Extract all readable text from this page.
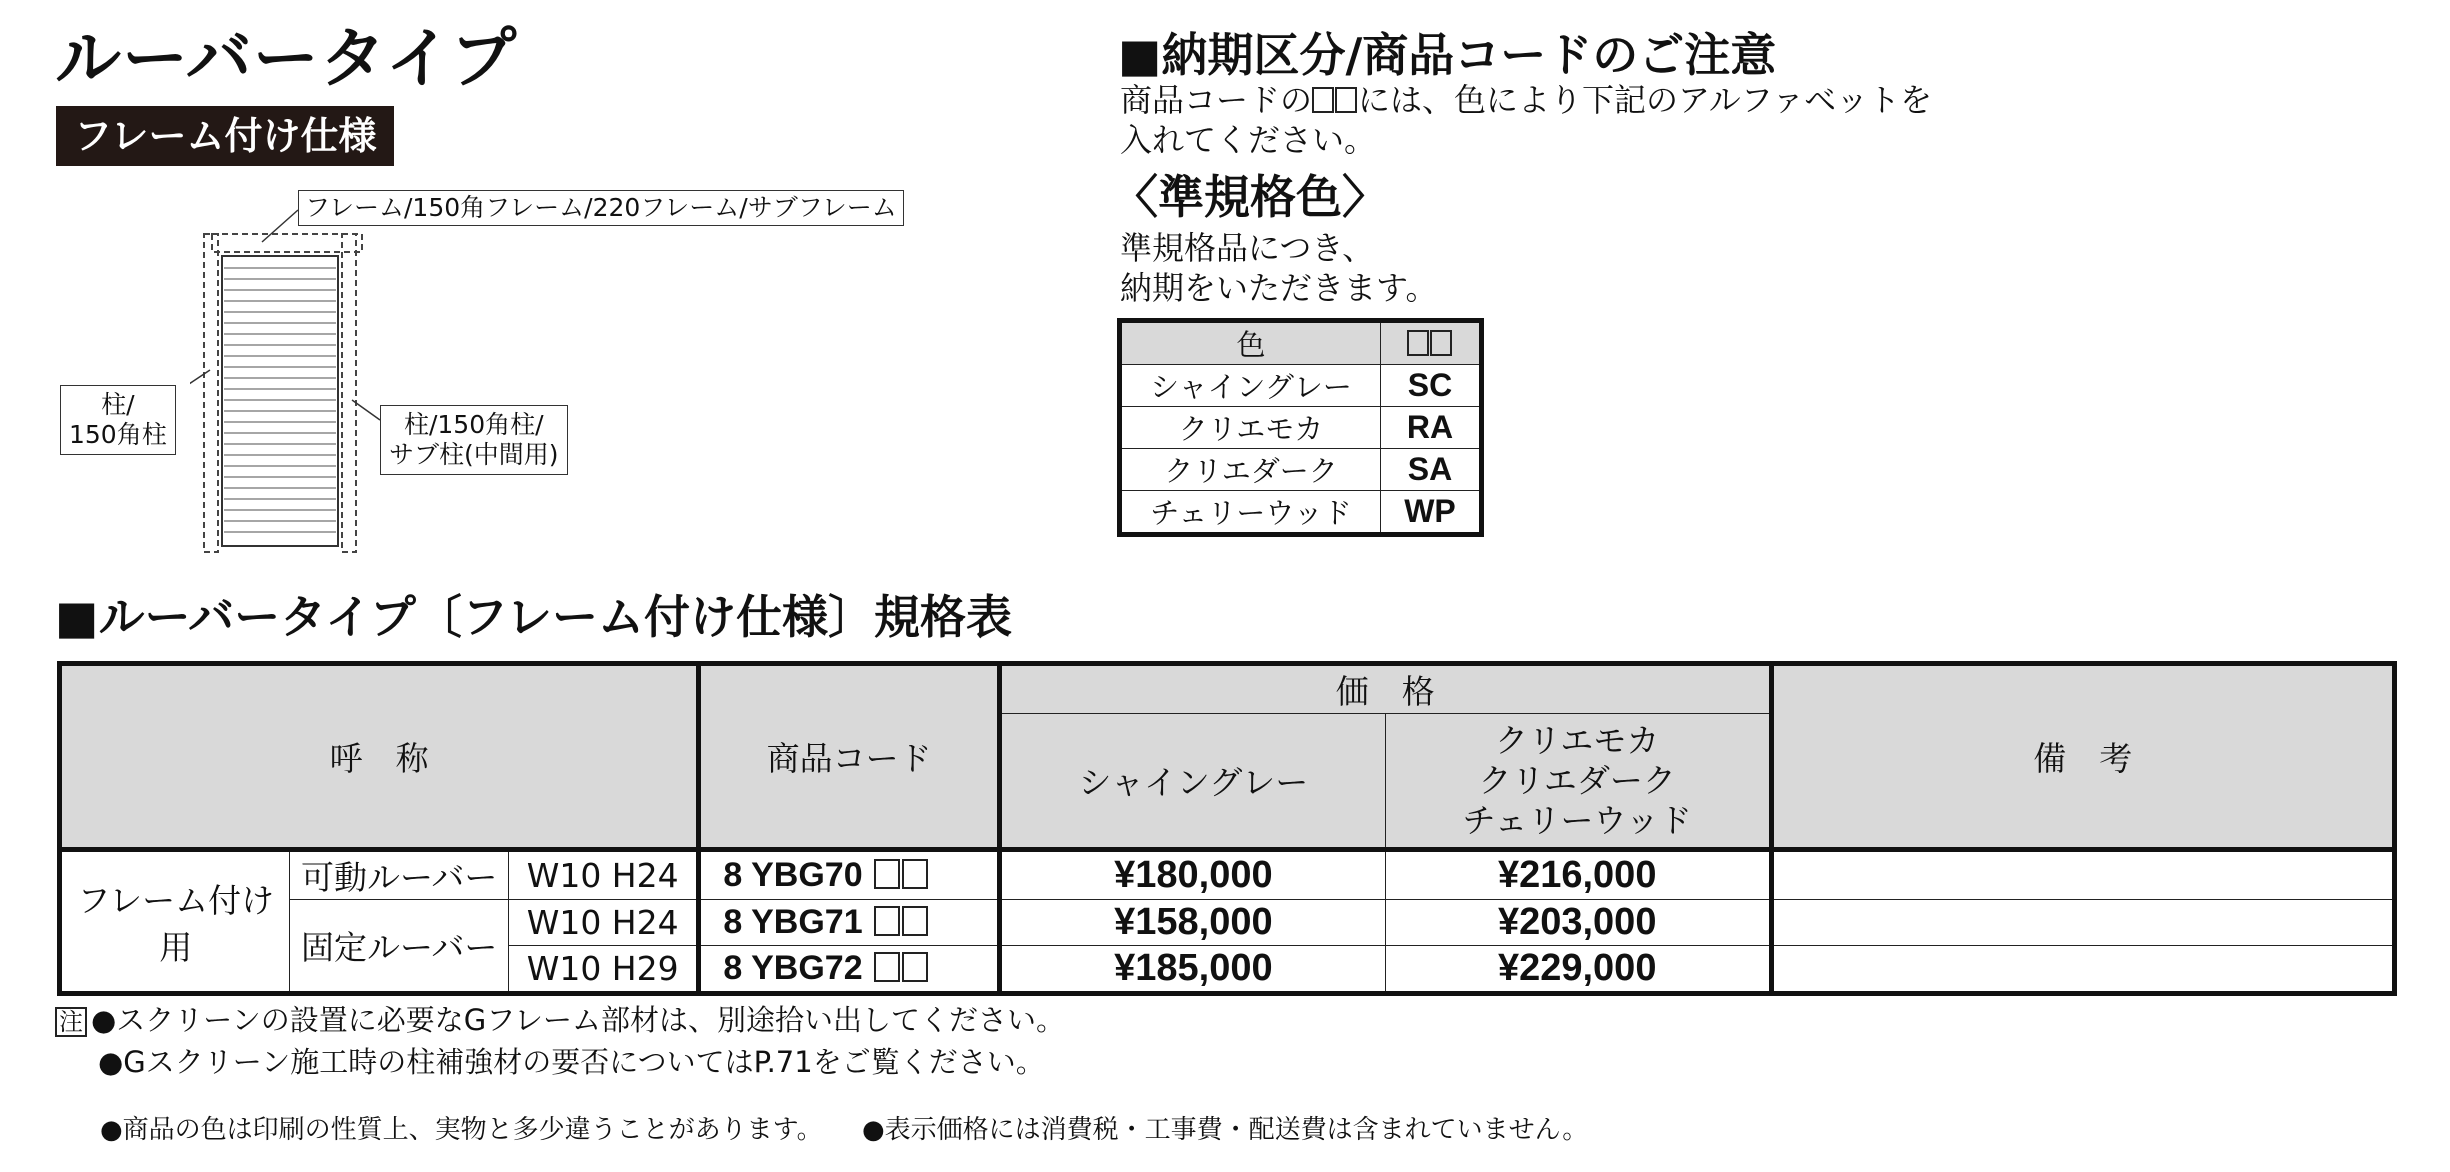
ルーバータイプ
フレーム付け仕様
フレーム/150角フレーム/220フレーム/サブフレーム
柱/
150角柱	柱/150角柱/
サブ柱(中間用)
■納期区分/商品コードのご注意
商品コードの には、色により下記のアルファベットを
入れてください。
〈準規格色〉
準規格品につき、
納期をいただきます。
色	
シャイングレー	SC
クリエモカ	RA
クリエダーク	SA
チェリーウッド	WP
■ルーバータイプ〔フレーム付け仕様〕規格表
呼　称			商品コード	価　格		備　考
				シャイングレー	クリエモカ
クリエダーク
チェリーウッド	

フレーム付け用	可動ルーバー	W10 H24	8 YBG70	¥180,000	¥216,000	
	固定ルーバー	W10 H24	8 YBG71	¥158,000	¥203,000	
		W10 H29	8 YBG72	¥185,000	¥229,000	
注 ●スクリーンの設置に必要なGフレーム部材は、別途拾い出してください。
●Gスクリーン施工時の柱補強材の要否についてはP.71をご覧ください。
●商品の色は印刷の性質上、実物と多少違うことがあります。 ●表示価格には消費税・工事費・配送費は含まれていません。
